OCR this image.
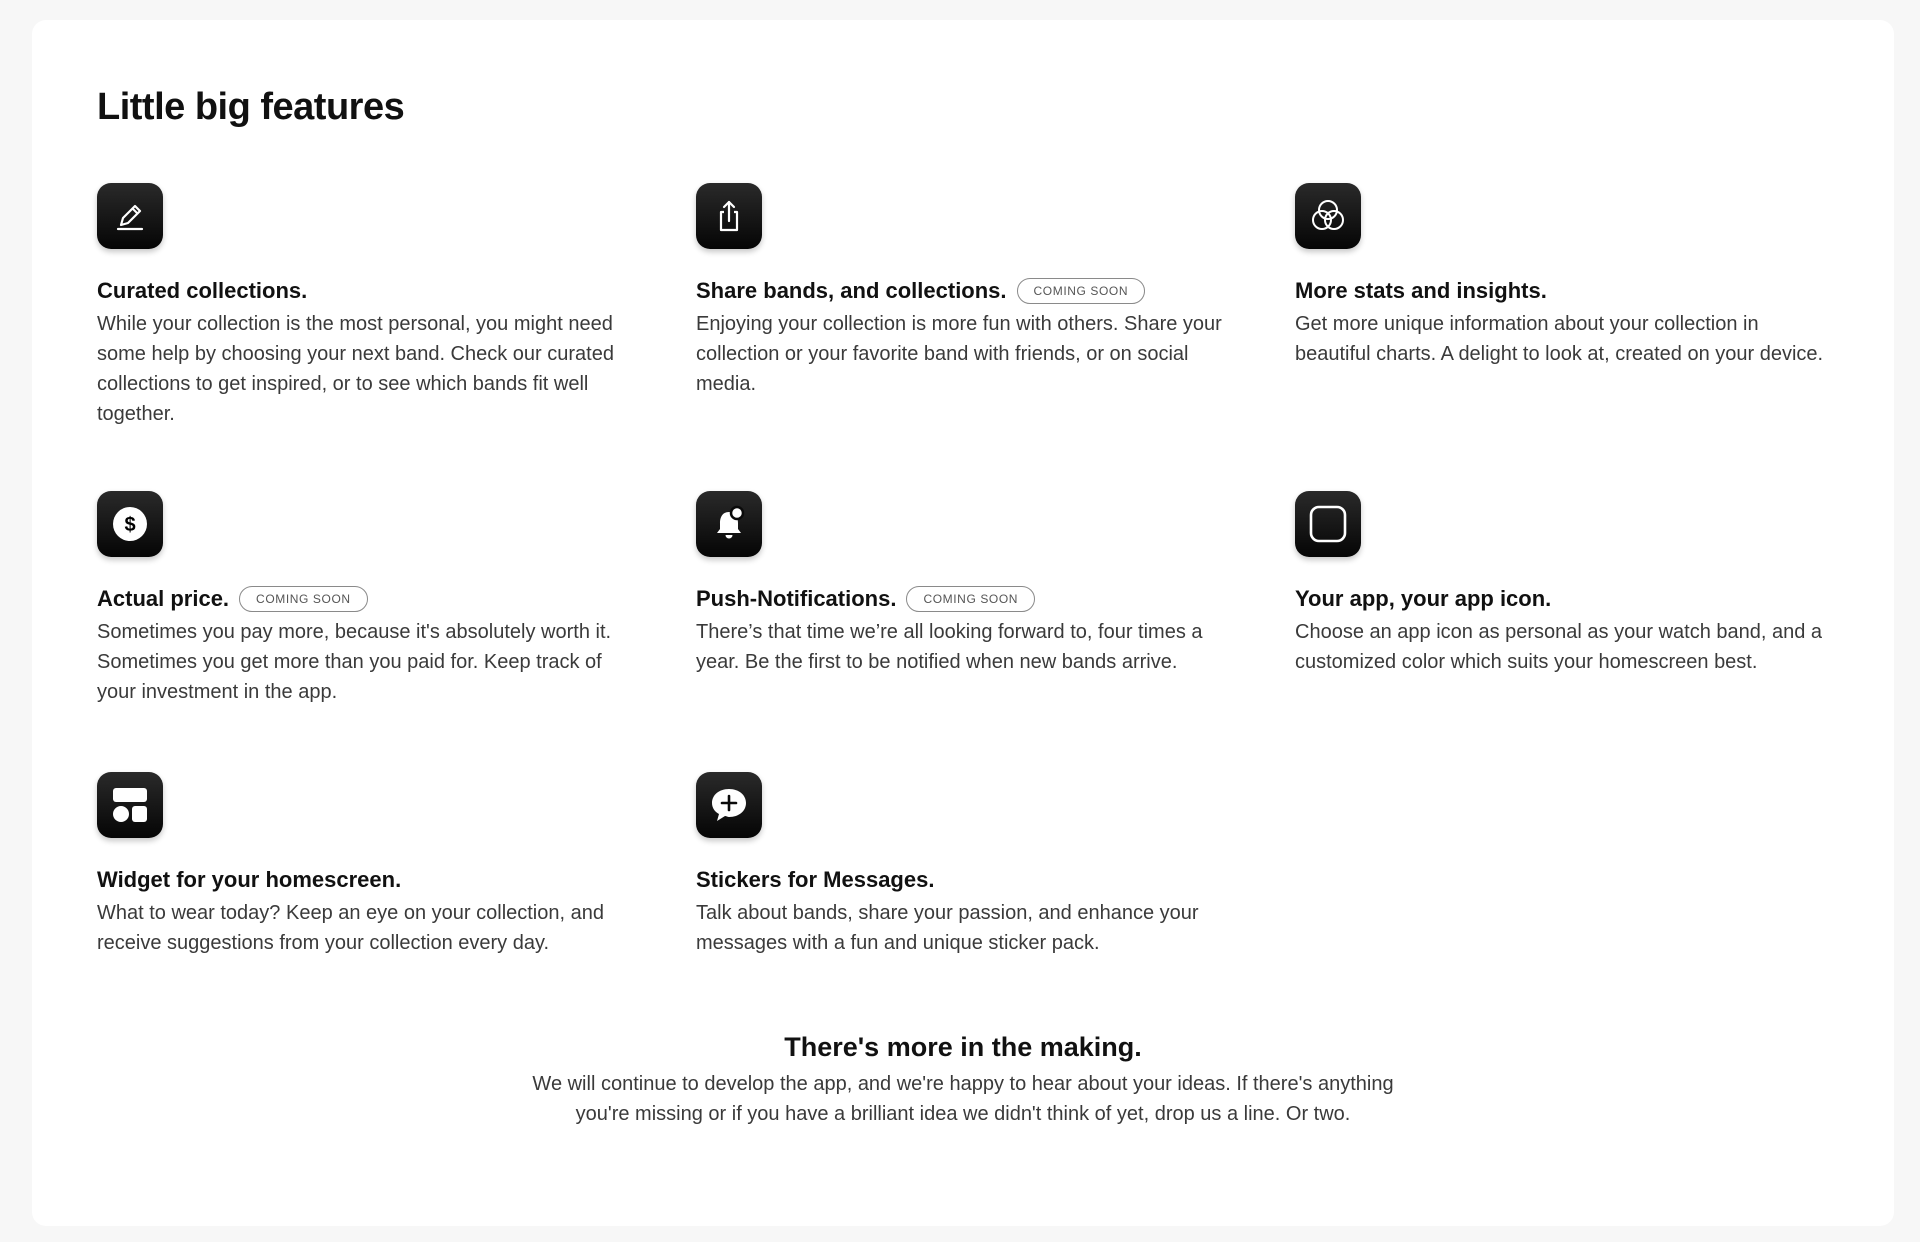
Little big features
Curated collections.

While your collection is the most personal, you might need some help by choosing your next band. Check our curated collections to get inspired, or to see which bands fit well together.

Share bands, and collections.	COMING SOON

Enjoying your collection is more fun with others. Share your collection or your favorite band with friends, or on social media.

More stats and insights.

Get more unique information about your collection in beautiful charts. A delight to look at, created on your device.

$
Actual price.	COMING SOON

Sometimes you pay more, because it's absolutely worth it. Sometimes you get more than you paid for. Keep track of your investment in the app.

Push-Notifications.	COMING SOON

There’s that time we’re all looking forward to, four times a year. Be the first to be notified when new bands arrive.

Your app, your app icon.

Choose an app icon as personal as your watch band, and a customized color which suits your homescreen best.

Widget for your homescreen.

What to wear today? Keep an eye on your collection, and receive suggestions from your collection every day.

Stickers for Messages.

Talk about bands, share your passion, and enhance your messages with a fun and unique sticker pack.

There's more in the making.

We will continue to develop the app, and we're happy to hear about your ideas. If there's anything you're missing or if you have a brilliant idea we didn't think of yet, drop us a line. Or two.
